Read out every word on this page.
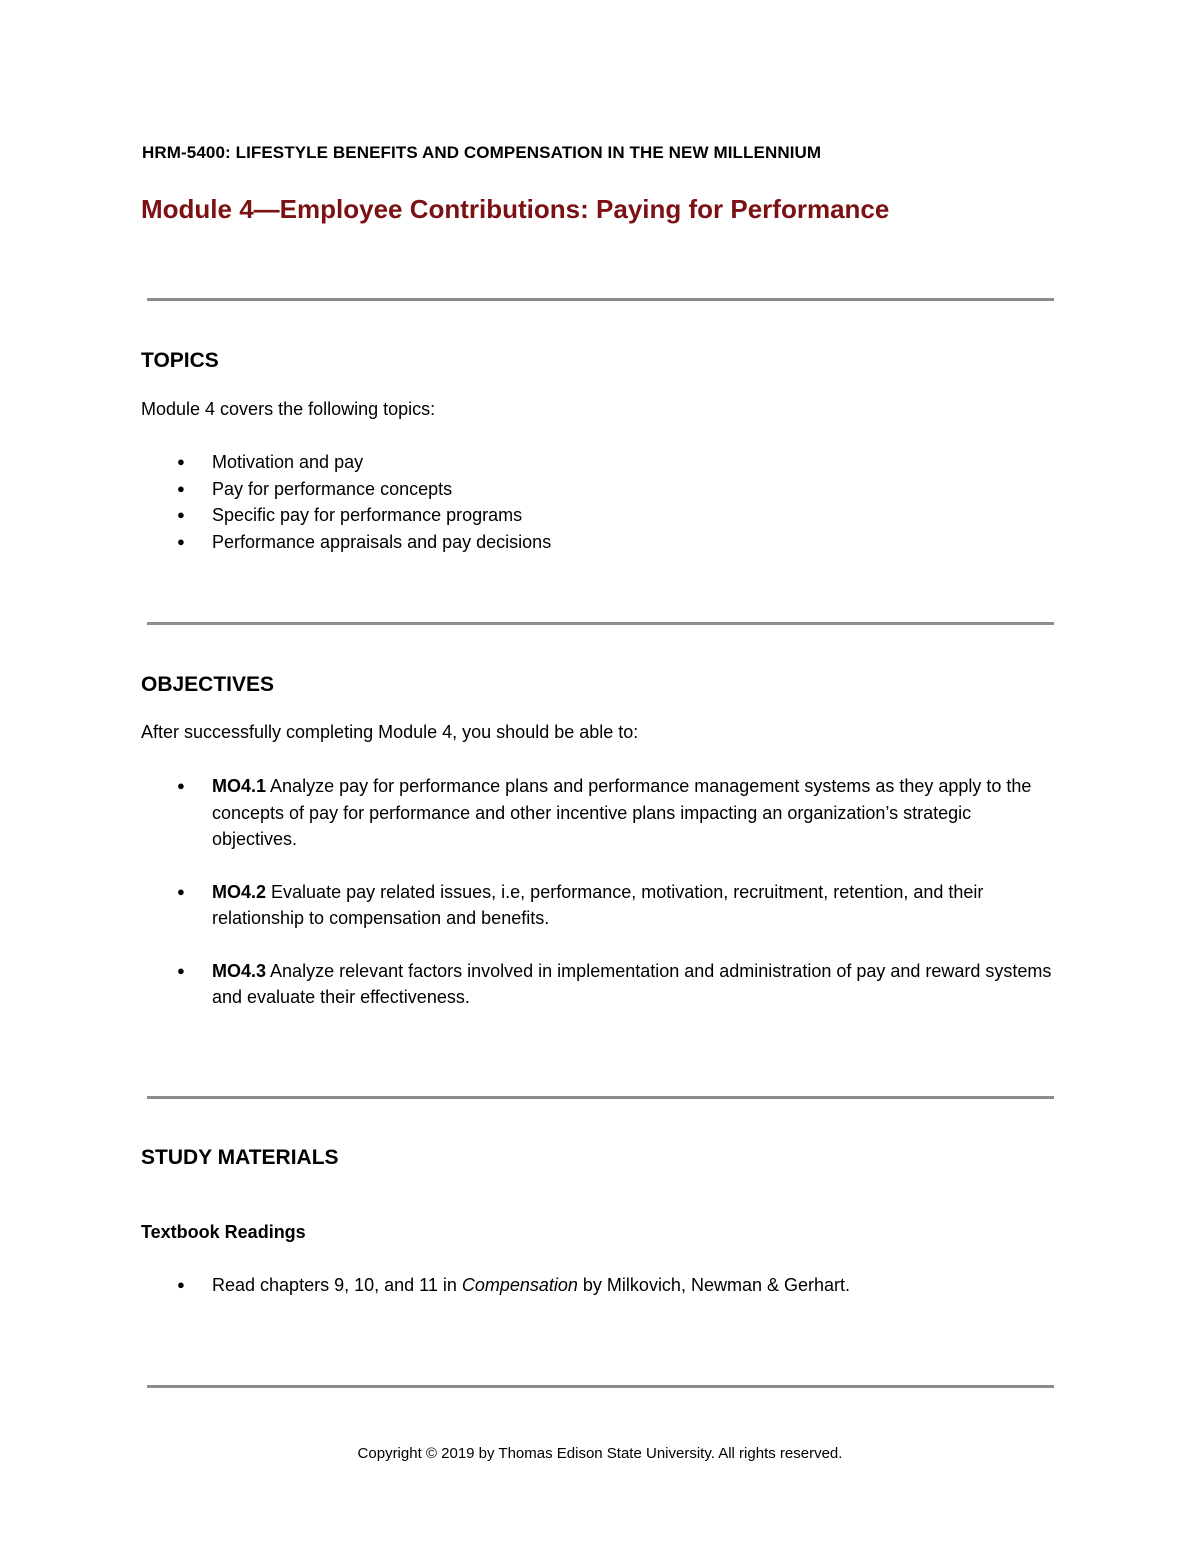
HRM-5400: LIFESTYLE BENEFITS AND COMPENSATION IN THE NEW MILLENNIUM
Module 4—Employee Contributions: Paying for Performance
TOPICS
Module 4 covers the following topics:
● Motivation and pay
● Pay for performance concepts
● Specific pay for performance programs
● Performance appraisals and pay decisions
OBJECTIVES
After successfully completing Module 4, you should be able to:
● MO4.1 Analyze pay for performance plans and performance management systems as they apply to the concepts of pay for performance and other incentive plans impacting an organization’s strategic objectives.
● MO4.2 Evaluate pay related issues, i.e, performance, motivation, recruitment, retention, and their relationship to compensation and benefits.
● MO4.3 Analyze relevant factors involved in implementation and administration of pay and reward systems and evaluate their effectiveness.
STUDY MATERIALS
Textbook Readings
● Read chapters 9, 10, and 11 in Compensation by Milkovich, Newman & Gerhart.
Copyright © 2019 by Thomas Edison State University. All rights reserved.
